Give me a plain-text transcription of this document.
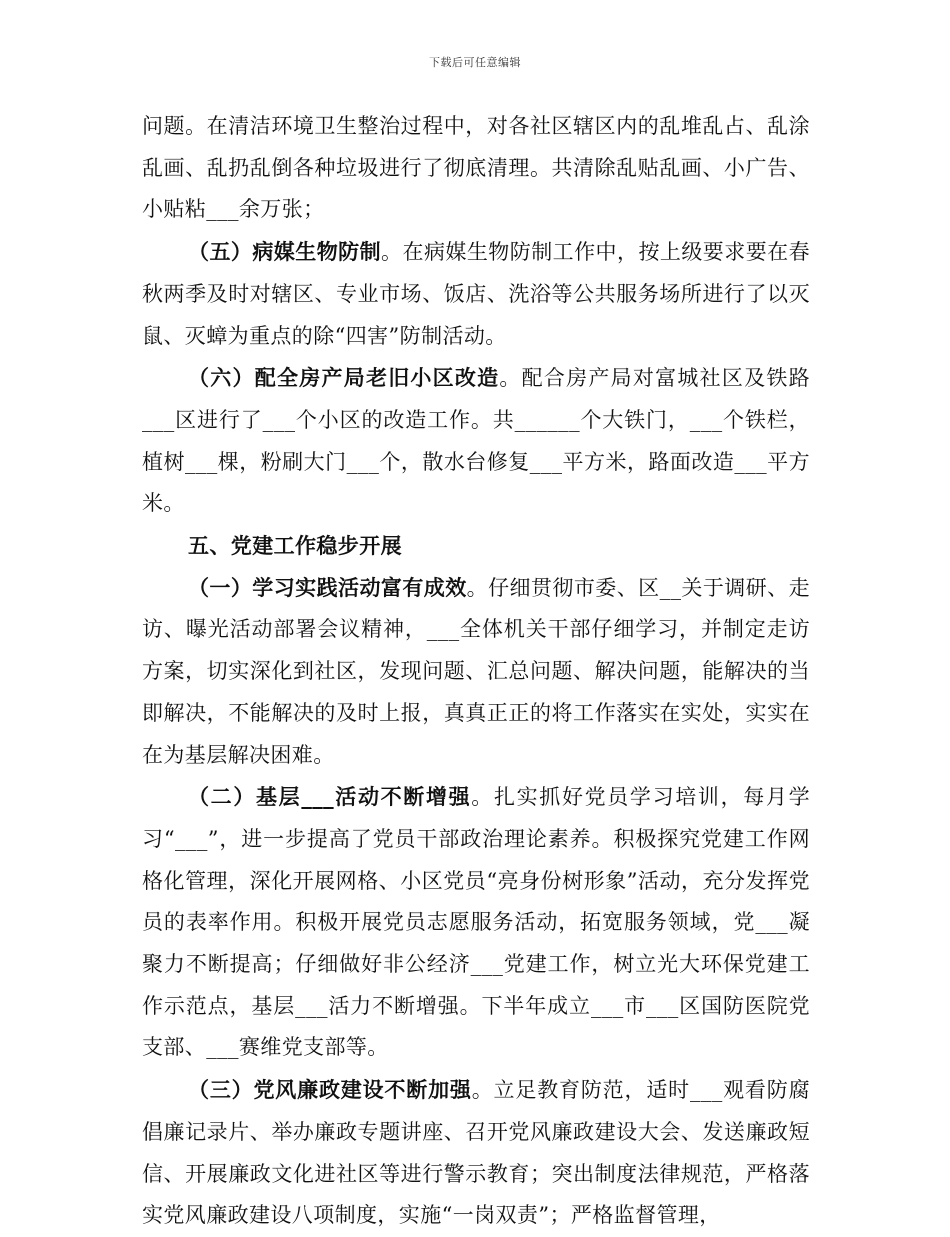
下载后可任意编辑

问题。在清洁环境卫生整治过程中，对各社区辖区内的乱堆乱占、乱涂乱画、乱扔乱倒各种垃圾进行了彻底清理。共清除乱贴乱画、小广告、小贴粘___余万张；

（五）病媒生物防制。在病媒生物防制工作中，按上级要求要在春秋两季及时对辖区、专业市场、饭店、洗浴等公共服务场所进行了以灭鼠、灭蟑为重点的除“四害”防制活动。

（六）配全房产局老旧小区改造。配合房产局对富城社区及铁路___区进行了___个小区的改造工作。共______个大铁门，___个铁栏，植树___棵，粉刷大门___个，散水台修复___平方米，路面改造___平方米。

五、党建工作稳步开展

（一）学习实践活动富有成效。仔细贯彻市委、区__关于调研、走访、曝光活动部署会议精神，___全体机关干部仔细学习，并制定走访方案，切实深化到社区，发现问题、汇总问题、解决问题，能解决的当即解决，不能解决的及时上报，真真正正的将工作落实在实处，实实在在为基层解决困难。

（二）基层___活动不断增强。扎实抓好党员学习培训，每月学习“___”，进一步提高了党员干部政治理论素养。积极探究党建工作网格化管理，深化开展网格、小区党员“亮身份树形象”活动，充分发挥党员的表率作用。积极开展党员志愿服务活动，拓宽服务领域，党___凝聚力不断提高；仔细做好非公经济___党建工作，树立光大环保党建工作示范点，基层___活力不断增强。下半年成立___市___区国防医院党支部、___赛维党支部等。

（三）党风廉政建设不断加强。立足教育防范，适时___观看防腐倡廉记录片、举办廉政专题讲座、召开党风廉政建设大会、发送廉政短信、开展廉政文化进社区等进行警示教育；突出制度法律规范，严格落实党风廉政建设八项制度，实施“一岗双责”；严格监督管理，
